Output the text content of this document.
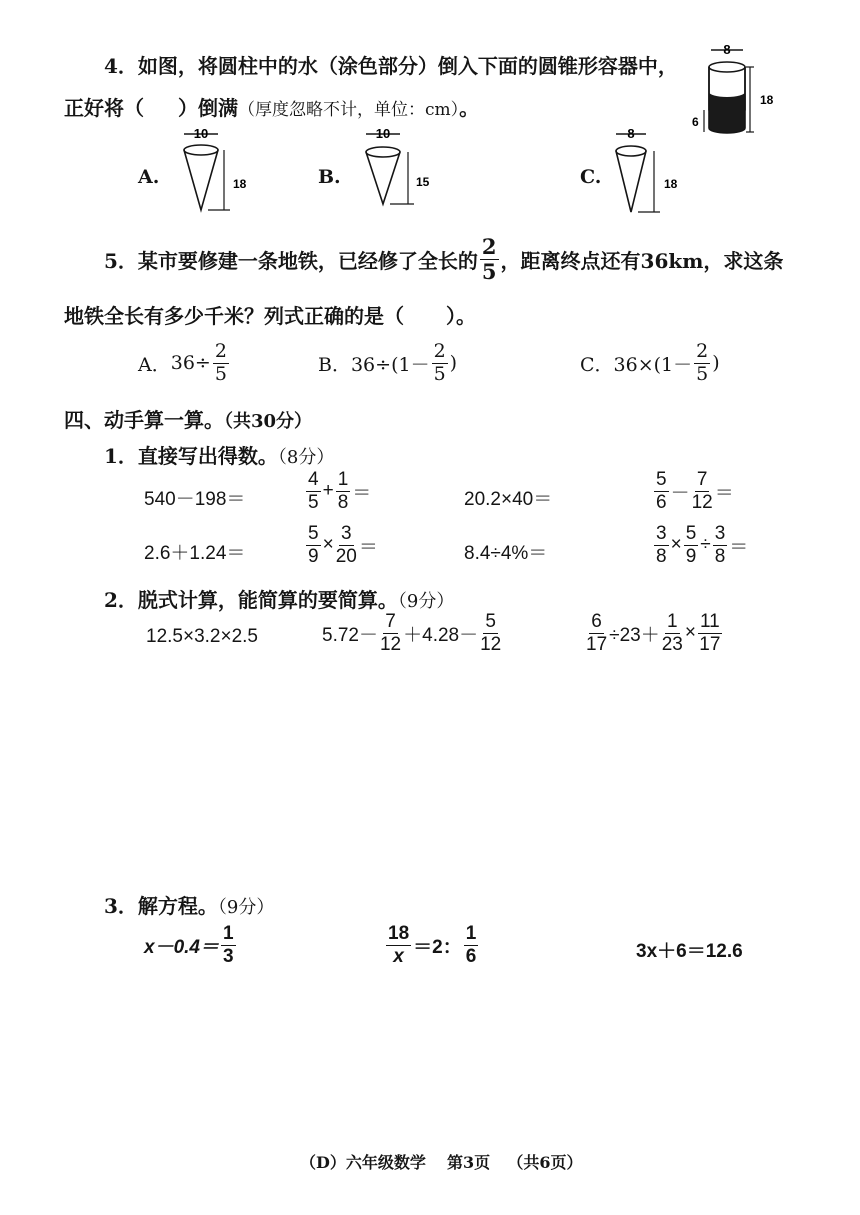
4．如图，将圆柱中的水（涂色部分）倒入下面的圆锥形容器中，
正好将（ ）倒满（厚度忽略不计，单位：cm）。
8
18
6
A.
10
18	B.
10
15	C.
8
18
5． 某市要修建一条地铁，已经修了全长的 $\frac{2}{5}$ ，距离终点还有36km，求这条
地铁全长有多少千米？列式正确的是（ ）。
A． $36\div \frac{2}{5}$	B． $36\div(1- \frac{2}{5}$ )	C． $36\times(1- \frac{2}{5}$ )
四、动手算一算。（共30分）
1．直接写出得数。（8分）
540－198＝	$\frac{4}{5} + \frac{1}{8}$ ＝	20.2×40＝	$\frac{5}{6} - \frac{7}{12}$ ＝
2.6＋1.24＝	$\frac{5}{9} \times \frac{3}{20}$ ＝	8.4÷4%＝	$\frac{3}{8} \times \frac{5}{9} \div \frac{3}{8}$ ＝
2．脱式计算，能简算的要简算。（9分）
12.5×3.2×2.5	$5.72- \frac{7}{12} +4.28- \frac{5}{12}$	$\frac{6}{17} \div 23+ \frac{1}{23} \times \frac{11}{17}$
3．解方程。（9分）
$x-0.4= \frac{1}{3}$	$\frac{18}{x} =2$： $\frac{1}{6}$	3x＋6＝12.6
（D）六年级数学 第3页 （共6页）
